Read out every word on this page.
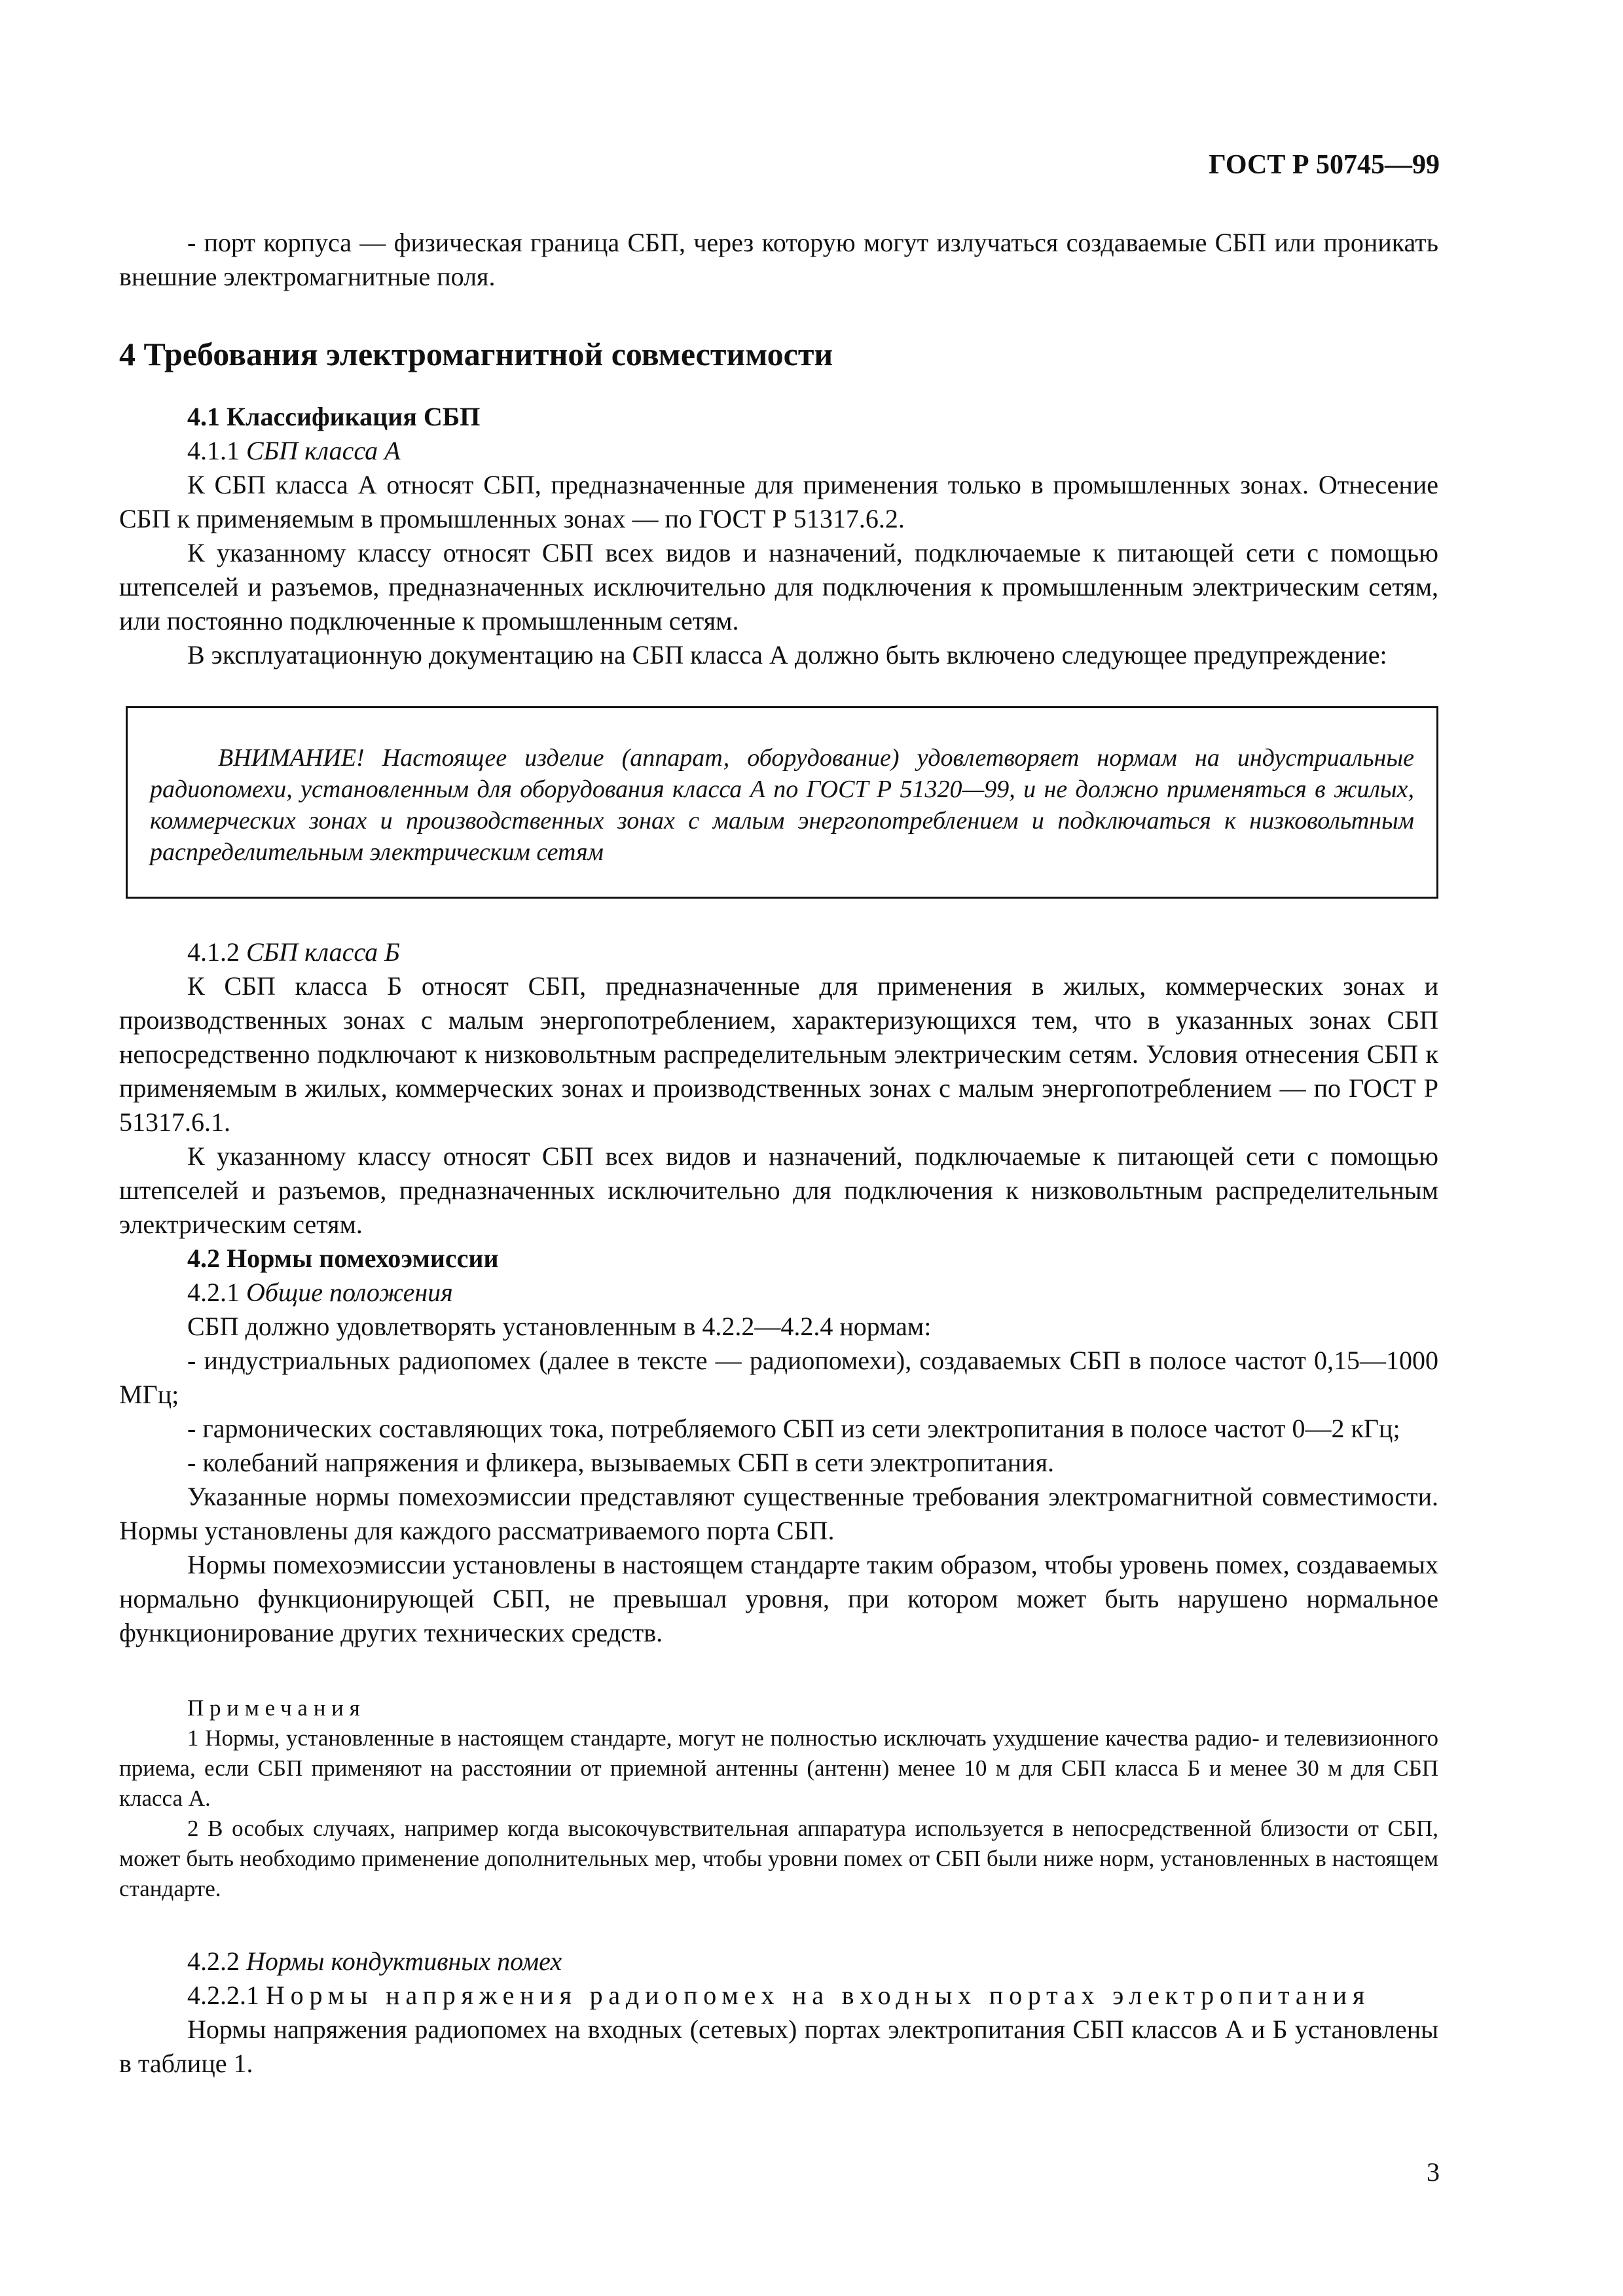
ГОСТ Р 50745—99

- порт корпуса — физическая граница СБП, через которую могут излучаться создаваемые СБП или проникать внешние электромагнитные поля.

4 Требования электромагнитной совместимости

4.1 Классификация СБП

4.1.1 СБП класса А

К СБП класса А относят СБП, предназначенные для применения только в промышленных зонах. Отнесение СБП к применяемым в промышленных зонах — по ГОСТ Р 51317.6.2.

К указанному классу относят СБП всех видов и назначений, подключаемые к питающей сети с помощью штепселей и разъемов, предназначенных исключительно для подключения к промышленным электрическим сетям, или постоянно подключенные к промышленным сетям.

В эксплуатационную документацию на СБП класса А должно быть включено следующее предупреждение:

ВНИМАНИЕ! Настоящее изделие (аппарат, оборудование) удовлетворяет нормам на индустриальные радиопомехи, установленным для оборудования класса А по ГОСТ Р 51320—99, и не должно применяться в жилых, коммерческих зонах и производственных зонах с малым энергопотреблением и подключаться к низковольтным распределительным электрическим сетям

4.1.2 СБП класса Б

К СБП класса Б относят СБП, предназначенные для применения в жилых, коммерческих зонах и производственных зонах с малым энергопотреблением, характеризующихся тем, что в указанных зонах СБП непосредственно подключают к низковольтным распределительным электрическим сетям. Условия отнесения СБП к применяемым в жилых, коммерческих зонах и производственных зонах с малым энергопотреблением — по ГОСТ Р 51317.6.1.

К указанному классу относят СБП всех видов и назначений, подключаемые к питающей сети с помощью штепселей и разъемов, предназначенных исключительно для подключения к низковольтным распределительным электрическим сетям.

4.2 Нормы помехоэмиссии

4.2.1 Общие положения

СБП должно удовлетворять установленным в 4.2.2—4.2.4 нормам:

- индустриальных радиопомех (далее в тексте — радиопомехи), создаваемых СБП в полосе частот 0,15—1000 МГц;

- гармонических составляющих тока, потребляемого СБП из сети электропитания в полосе частот 0—2 кГц;

- колебаний напряжения и фликера, вызываемых СБП в сети электропитания.

Указанные нормы помехоэмиссии представляют существенные требования электромагнитной совместимости. Нормы установлены для каждого рассматриваемого порта СБП.

Нормы помехоэмиссии установлены в настоящем стандарте таким образом, чтобы уровень помех, создаваемых нормально функционирующей СБП, не превышал уровня, при котором может быть нарушено нормальное функционирование других технических средств.

Примечания

1 Нормы, установленные в настоящем стандарте, могут не полностью исключать ухудшение качества радио- и телевизионного приема, если СБП применяют на расстоянии от приемной антенны (антенн) менее 10 м для СБП класса Б и менее 30 м для СБП класса А.

2 В особых случаях, например когда высокочувствительная аппаратура используется в непосредственной близости от СБП, может быть необходимо применение дополнительных мер, чтобы уровни помех от СБП были ниже норм, установленных в настоящем стандарте.

4.2.2 Нормы кондуктивных помех

4.2.2.1 Нормы напряжения радиопомех на входных портах электропитания

Нормы напряжения радиопомех на входных (сетевых) портах электропитания СБП классов А и Б установлены в таблице 1.

3
